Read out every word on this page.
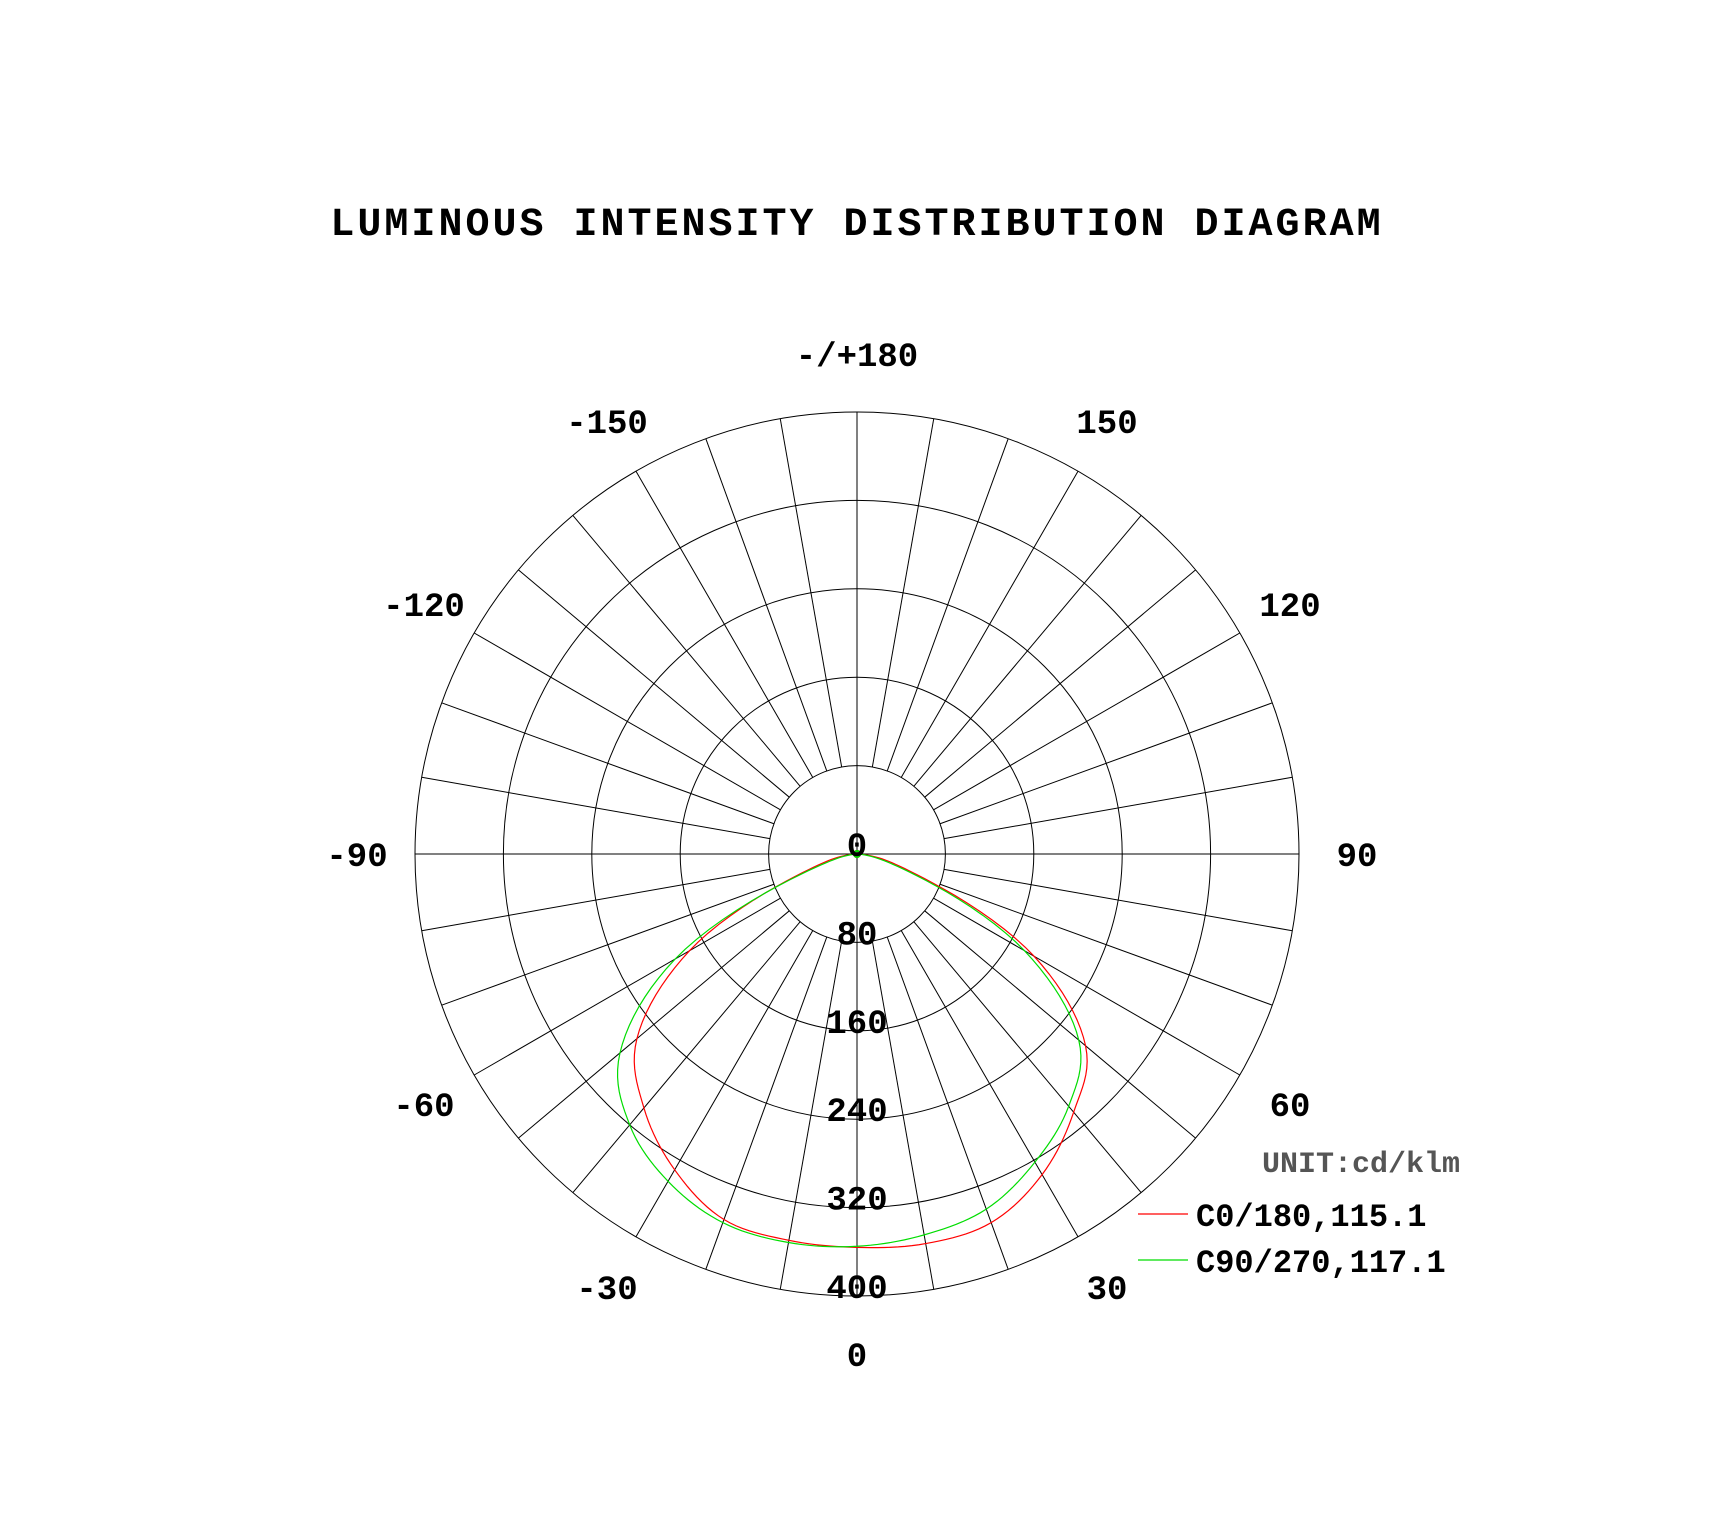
LUMINOUS INTENSITY DISTRIBUTION DIAGRAM
0
30
60
90
120
150
-/+180
-150
-120
-90
-60
-30
0
80
160
240
320
400
UNIT:cd/klm
C0/180,115.1
C90/270,117.1
